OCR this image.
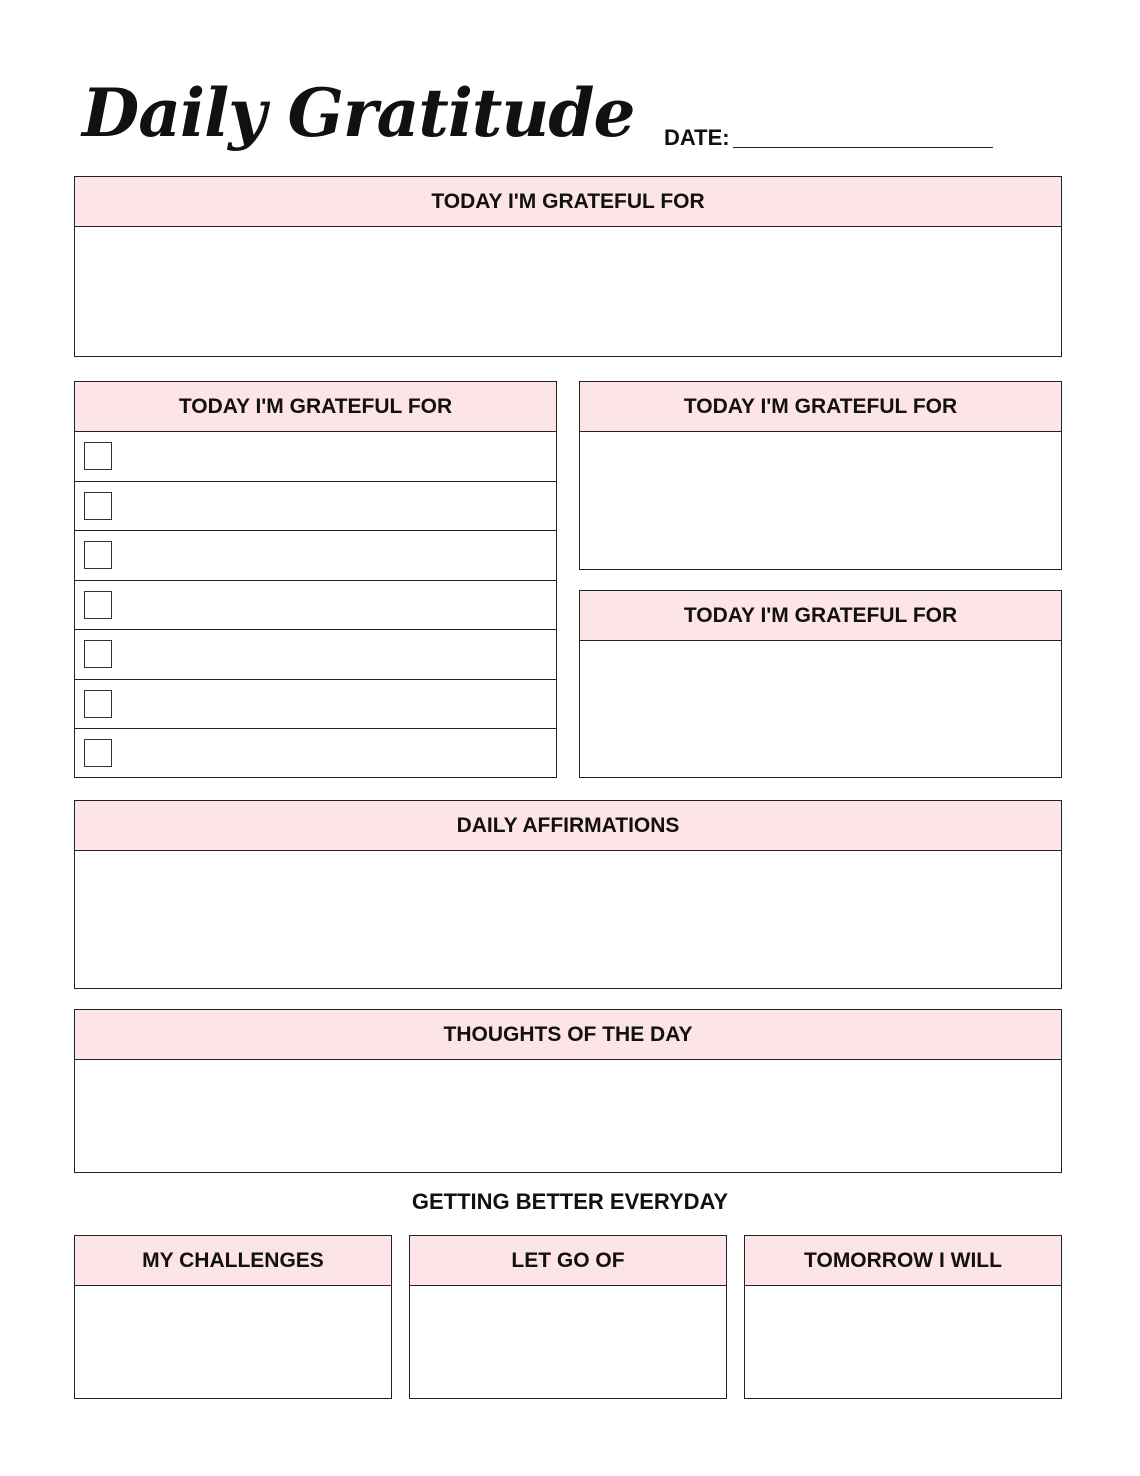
Daily Gratitude DATE:
TODAY I'M GRATEFUL FOR
TODAY I'M GRATEFUL FOR	TODAY I'M GRATEFUL FOR
TODAY I'M GRATEFUL FOR
DAILY AFFIRMATIONS
THOUGHTS OF THE DAY
GETTING BETTER EVERYDAY
MY CHALLENGES	LET GO OF	TOMORROW I WILL
